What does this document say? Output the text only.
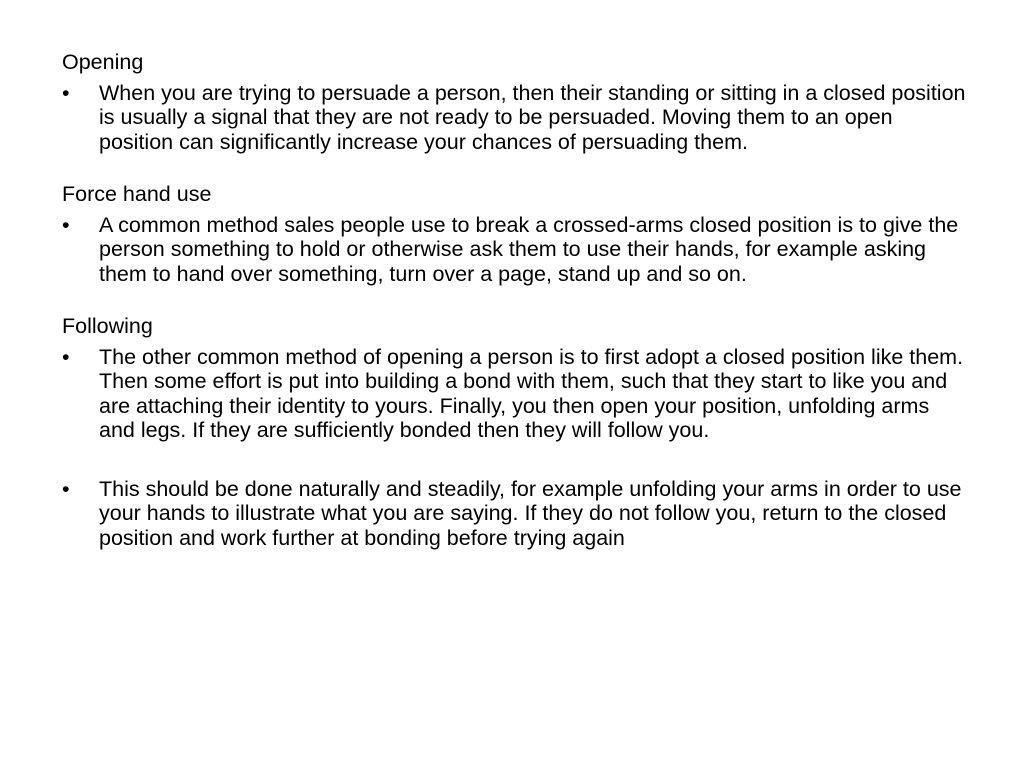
Opening

• When you are trying to persuade a person, then their standing or sitting in a closed position is usually a signal that they are not ready to be persuaded. Moving them to an open position can significantly increase your chances of persuading them.

Force hand use

• A common method sales people use to break a crossed-arms closed position is to give the person something to hold or otherwise ask them to use their hands, for example asking them to hand over something, turn over a page, stand up and so on.

Following

• The other common method of opening a person is to first adopt a closed position like them. Then some effort is put into building a bond with them, such that they start to like you and are attaching their identity to yours. Finally, you then open your position, unfolding arms and legs. If they are sufficiently bonded then they will follow you.
• This should be done naturally and steadily, for example unfolding your arms in order to use your hands to illustrate what you are saying. If they do not follow you, return to the closed position and work further at bonding before trying again
